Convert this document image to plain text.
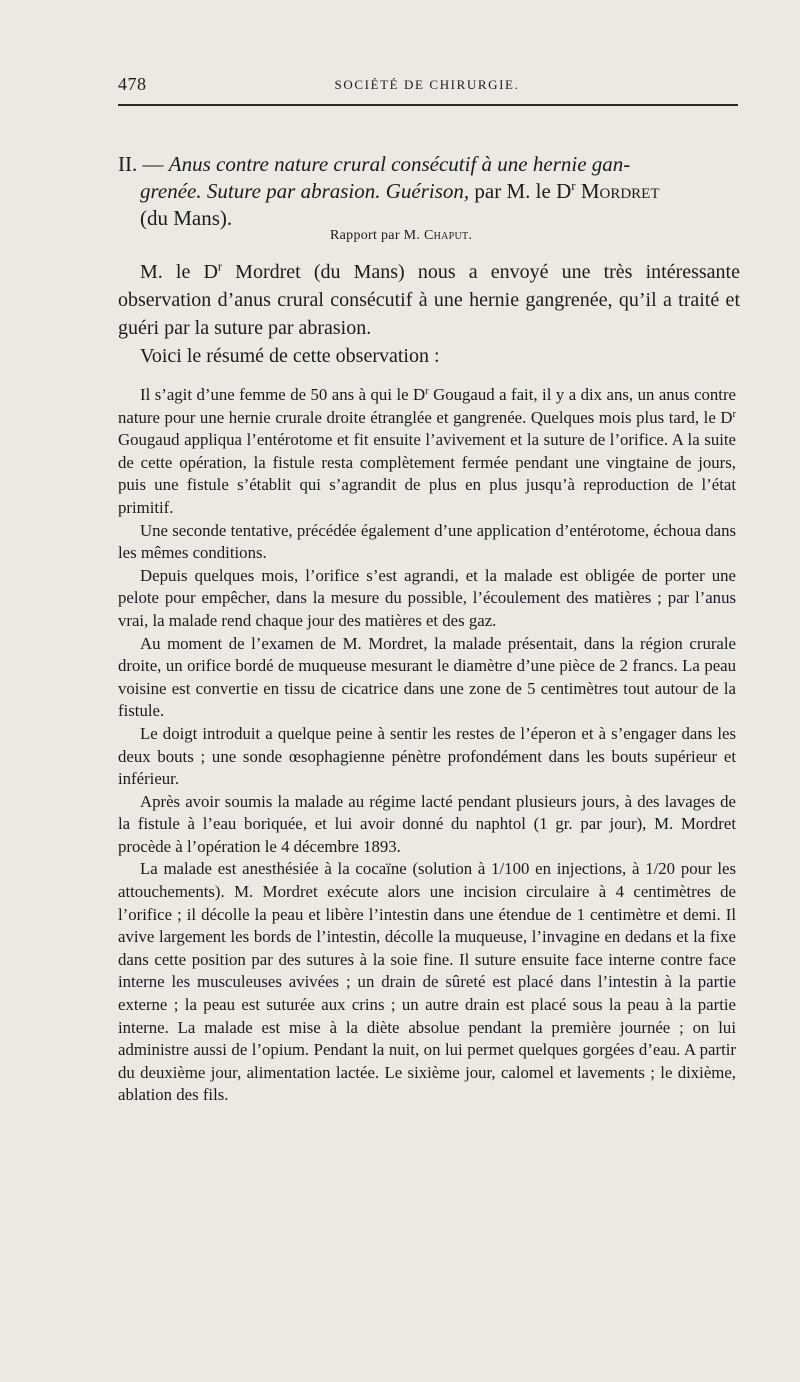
478	SOCIÉTÉ DE CHIRURGIE.
II. — Anus contre nature crural consécutif à une hernie gan-
grenée. Suture par abrasion. Guérison, par M. le $D^r$ Mordret
(du Mans).
Rapport par M. Chaput.

M. le $D^r$ Mordret (du Mans) nous a envoyé une très intéressante observation d’anus crural consécutif à une hernie gangrenée, qu’il a traité et guéri par la suture par abrasion.

Voici le résumé de cette observation :

Il s’agit d’une femme de 50 ans à qui le $D^r$ Gougaud a fait, il y a dix ans, un anus contre nature pour une hernie crurale droite étranglée et gangrenée. Quelques mois plus tard, le $D^r$ Gougaud appliqua l’entérotome et fit ensuite l’avivement et la suture de l’orifice. A la suite de cette opération, la fistule resta complètement fermée pendant une vingtaine de jours, puis une fistule s’établit qui s’agrandit de plus en plus jusqu’à reproduction de l’état primitif.

Une seconde tentative, précédée également d’une application d’entérotome, échoua dans les mêmes conditions.

Depuis quelques mois, l’orifice s’est agrandi, et la malade est obligée de porter une pelote pour empêcher, dans la mesure du possible, l’écoulement des matières ; par l’anus vrai, la malade rend chaque jour des matières et des gaz.

Au moment de l’examen de M. Mordret, la malade présentait, dans la région crurale droite, un orifice bordé de muqueuse mesurant le diamètre d’une pièce de 2 francs. La peau voisine est convertie en tissu de cicatrice dans une zone de 5 centimètres tout autour de la fistule.

Le doigt introduit a quelque peine à sentir les restes de l’éperon et à s’engager dans les deux bouts ; une sonde œsophagienne pénètre profondément dans les bouts supérieur et inférieur.

Après avoir soumis la malade au régime lacté pendant plusieurs jours, à des lavages de la fistule à l’eau boriquée, et lui avoir donné du naphtol (1 gr. par jour), M. Mordret procède à l’opération le 4 décembre 1893.

La malade est anesthésiée à la cocaïne (solution à 1/100 en injections, à 1/20 pour les attouchements). M. Mordret exécute alors une incision circulaire à 4 centimètres de l’orifice ; il décolle la peau et libère l’intestin dans une étendue de 1 centimètre et demi. Il avive largement les bords de l’intestin, décolle la muqueuse, l’invagine en dedans et la fixe dans cette position par des sutures à la soie fine. Il suture ensuite face interne contre face interne les musculeuses avivées ; un drain de sûreté est placé dans l’intestin à la partie externe ; la peau est suturée aux crins ; un autre drain est placé sous la peau à la partie interne. La malade est mise à la diète absolue pendant la première journée ; on lui administre aussi de l’opium. Pendant la nuit, on lui permet quelques gorgées d’eau. A partir du deuxième jour, alimentation lactée. Le sixième jour, calomel et lavements ; le dixième, ablation des fils.
